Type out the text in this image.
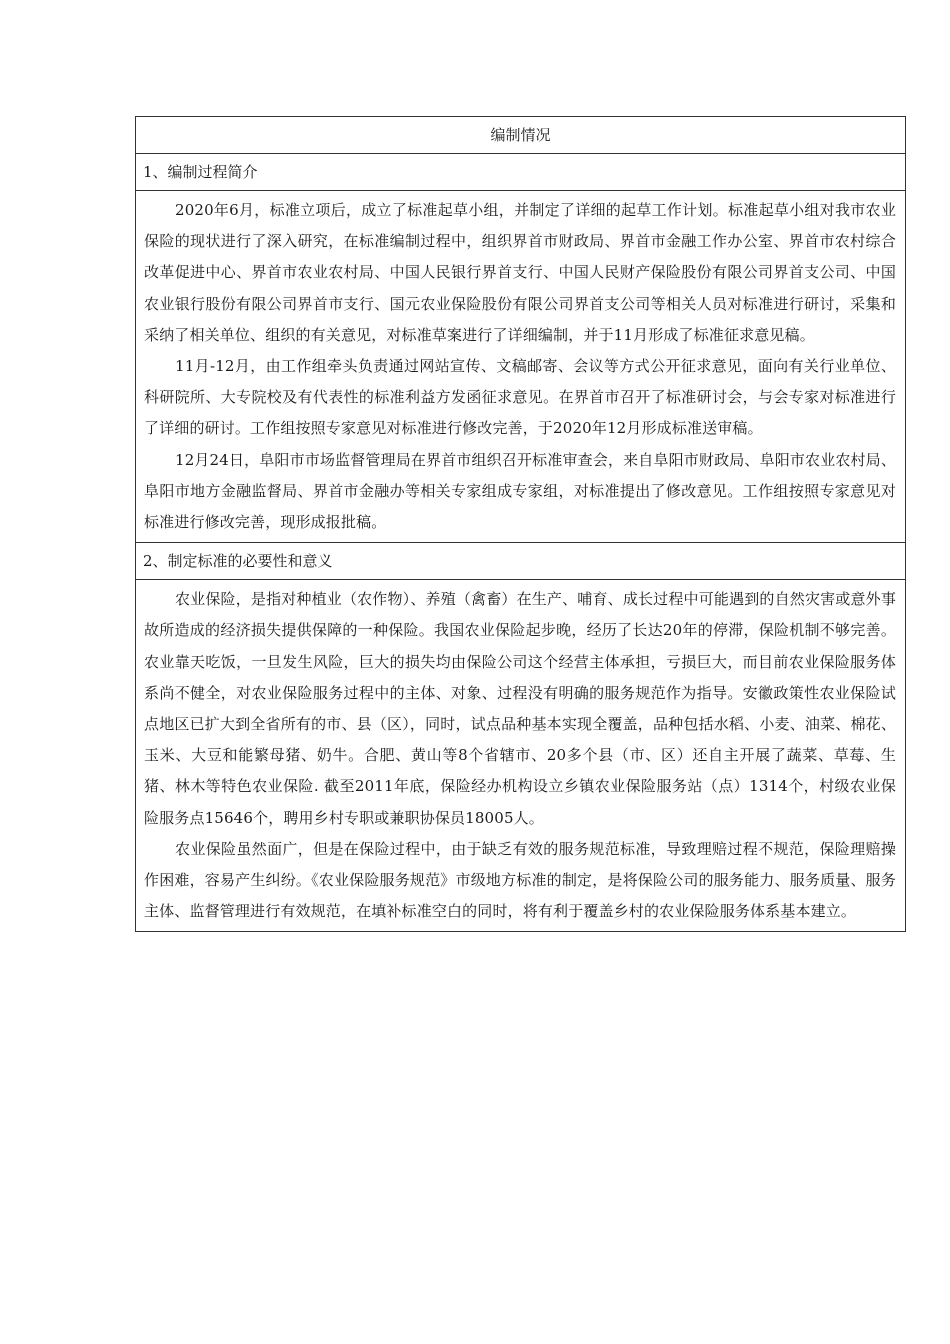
编制情况
1、编制过程简介

2020年6月，标准立项后，成立了标准起草小组，并制定了详细的起草工作计划。标准起草小组对我市农业保险的现状进行了深入研究，在标准编制过程中，组织界首市财政局、界首市金融工作办公室、界首市农村综合改革促进中心、界首市农业农村局、中国人民银行界首支行、中国人民财产保险股份有限公司界首支公司、中国农业银行股份有限公司界首市支行、国元农业保险股份有限公司界首支公司等相关人员对标准进行研讨，采集和采纳了相关单位、组织的有关意见，对标准草案进行了详细编制，并于11月形成了标准征求意见稿。

11月-12月，由工作组牵头负责通过网站宣传、文稿邮寄、会议等方式公开征求意见，面向有关行业单位、科研院所、大专院校及有代表性的标准利益方发函征求意见。在界首市召开了标准研讨会，与会专家对标准进行了详细的研讨。工作组按照专家意见对标准进行修改完善，于2020年12月形成标准送审稿。

12月24日，阜阳市市场监督管理局在界首市组织召开标准审查会，来自阜阳市财政局、阜阳市农业农村局、阜阳市地方金融监督局、界首市金融办等相关专家组成专家组，对标准提出了修改意见。工作组按照专家意见对标准进行修改完善，现形成报批稿。

2、制定标准的必要性和意义

农业保险，是指对种植业（农作物）、养殖（禽畜）在生产、哺育、成长过程中可能遇到的自然灾害或意外事故所造成的经济损失提供保障的一种保险。我国农业保险起步晚，经历了长达20年的停滞，保险机制不够完善。农业靠天吃饭，一旦发生风险，巨大的损失均由保险公司这个经营主体承担，亏损巨大，而目前农业保险服务体系尚不健全，对农业保险服务过程中的主体、对象、过程没有明确的服务规范作为指导。安徽政策性农业保险试点地区已扩大到全省所有的市、县（区），同时，试点品种基本实现全覆盖，品种包括水稻、小麦、油菜、棉花、玉米、大豆和能繁母猪、奶牛。合肥、黄山等8个省辖市、20多个县（市、区）还自主开展了蔬菜、草莓、生猪、林木等特色农业保险. 截至2011年底，保险经办机构设立乡镇农业保险服务站（点）1314个，村级农业保险服务点15646个，聘用乡村专职或兼职协保员18005人。

农业保险虽然面广，但是在保险过程中，由于缺乏有效的服务规范标准，导致理赔过程不规范，保险理赔操作困难，容易产生纠纷。《农业保险服务规范》市级地方标准的制定，是将保险公司的服务能力、服务质量、服务主体、监督管理进行有效规范，在填补标准空白的同时，将有利于覆盖乡村的农业保险服务体系基本建立。
